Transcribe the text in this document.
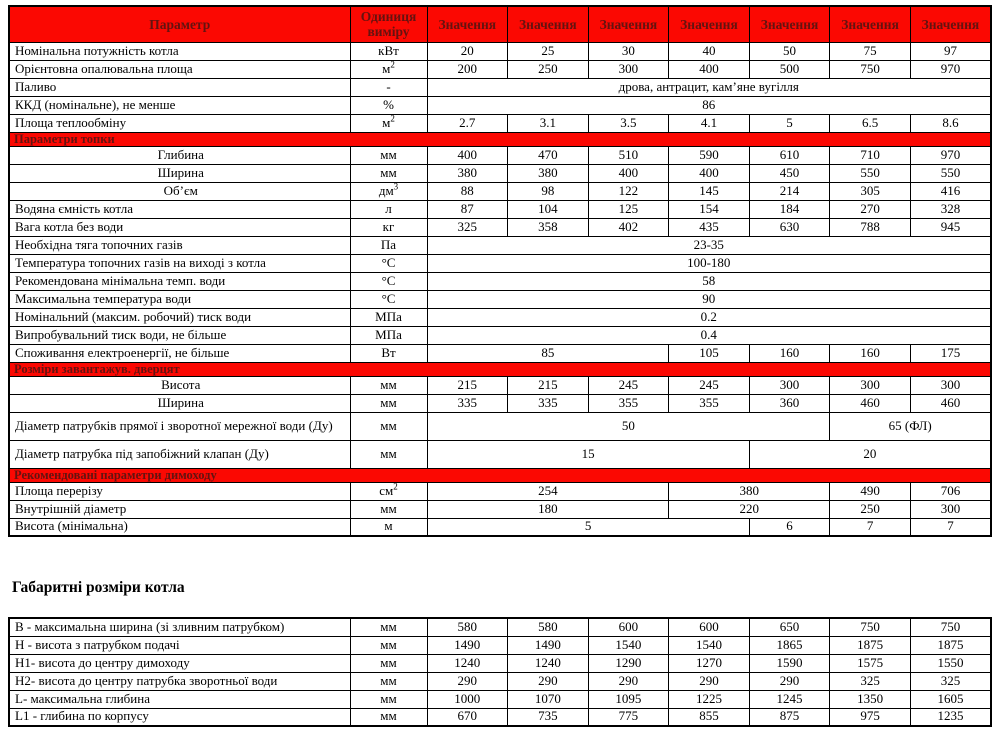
Параметр	Одиниця виміру	Значення	Значення	Значення	Значення	Значення	Значення	Значення
Номінальна потужність котла	кВт	20	25	30	40	50	75	97
Орієнтовна опалювальна площа	$м^2$	200	250	300	400	500	750	970
Паливо	-	дрова, антрацит, кам’яне вугілля						
ККД (номінальне), не менше	%	86						
Площа теплообміну	$м^2$	2.7	3.1	3.5	4.1	5	6.5	8.6
Параметри топки								
Глибина	мм	400	470	510	590	610	710	970
Ширина	мм	380	380	400	400	450	550	550
Об’єм	$дм^3$	88	98	122	145	214	305	416
Водяна ємність котла	л	87	104	125	154	184	270	328
Вага котла без води	кг	325	358	402	435	630	788	945
Необхідна тяга топочних газів	Па	23-35						
Температура топочних газів на виході з котла	°С	100-180						
Рекомендована мінімальна темп. води	°С	58						
Максимальна температура води	°С	90						
Номінальний (максим. робочий) тиск води	МПа	0.2						
Випробувальний тиск води, не більше	МПа	0.4						
Споживання електроенергії, не більше	Вт	85			105	160	160	175
Розміри завантажув. дверцят								
Висота	мм	215	215	245	245	300	300	300
Ширина	мм	335	335	355	355	360	460	460
Діаметр патрубків прямої і зворотної мережної води (Ду)	мм	50					65 (ФЛ)	
Діаметр патрубка під запобіжний клапан (Ду)	мм	15				20		
Рекомендовані параметри димоходу								
Площа перерізу	$см^2$	254			380		490	706
Внутрішній діаметр	мм	180			220		250	300
Висота (мінімальна)	м	5				6	7	7
Габаритні розміри котла
В - максимальна ширина (зі зливним патрубком)	мм	580	580	600	600	650	750	750
Н - висота з патрубком подачі	мм	1490	1490	1540	1540	1865	1875	1875
Н1- висота до центру димоходу	мм	1240	1240	1290	1270	1590	1575	1550
Н2- висота до центру патрубка зворотньої води	мм	290	290	290	290	290	325	325
L- максимальна глибина	мм	1000	1070	1095	1225	1245	1350	1605
L1 - глибина по корпусу	мм	670	735	775	855	875	975	1235
